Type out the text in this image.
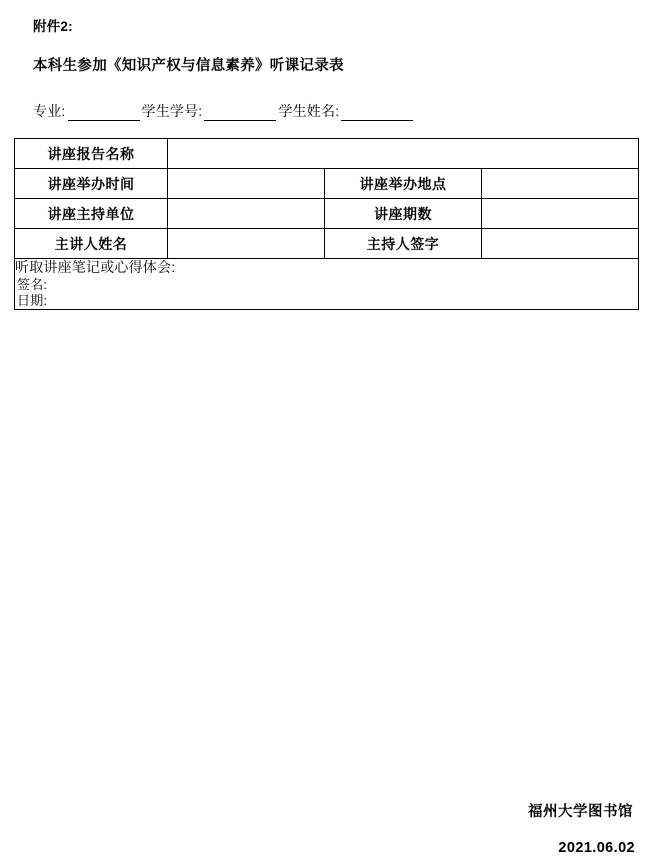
附件2:
本科生参加《知识产权与信息素养》听课记录表
专业:	学生学号:	学生姓名:
讲座报告名称			
讲座举办时间		讲座举办地点	
讲座主持单位		讲座期数	
主讲人姓名		主持人签字	

听取讲座笔记或心得体会:
签名:
日期:			
福州大学图书馆
2021.06.02
